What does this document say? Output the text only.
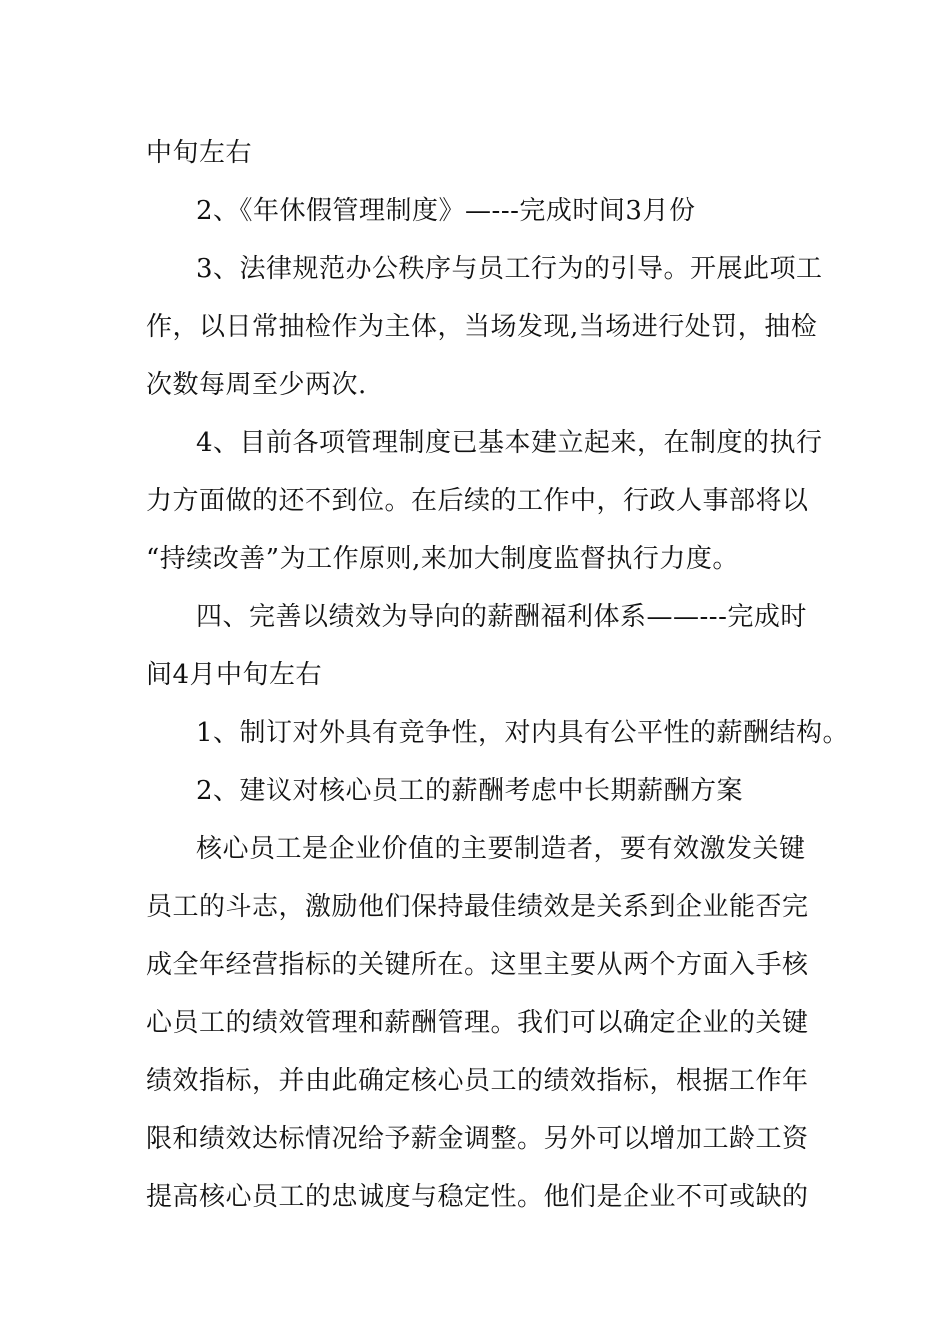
中旬左右
2、《年休假管理制度》—---完成时间3月份
3、法律规范办公秩序与员工行为的引导。开展此项工
作，以日常抽检作为主体，当场发现,当场进行处罚，抽检
次数每周至少两次.
4、目前各项管理制度已基本建立起来，在制度的执行
力方面做的还不到位。在后续的工作中，行政人事部将以
“持续改善”为工作原则,来加大制度监督执行力度。
四、完善以绩效为导向的薪酬福利体系——---完成时
间4月中旬左右
1、制订对外具有竞争性，对内具有公平性的薪酬结构。
2、建议对核心员工的薪酬考虑中长期薪酬方案
核心员工是企业价值的主要制造者，要有效激发关键
员工的斗志，激励他们保持最佳绩效是关系到企业能否完
成全年经营指标的关键所在。这里主要从两个方面入手核
心员工的绩效管理和薪酬管理。我们可以确定企业的关键
绩效指标，并由此确定核心员工的绩效指标，根据工作年
限和绩效达标情况给予薪金调整。另外可以增加工龄工资
提高核心员工的忠诚度与稳定性。他们是企业不可或缺的
